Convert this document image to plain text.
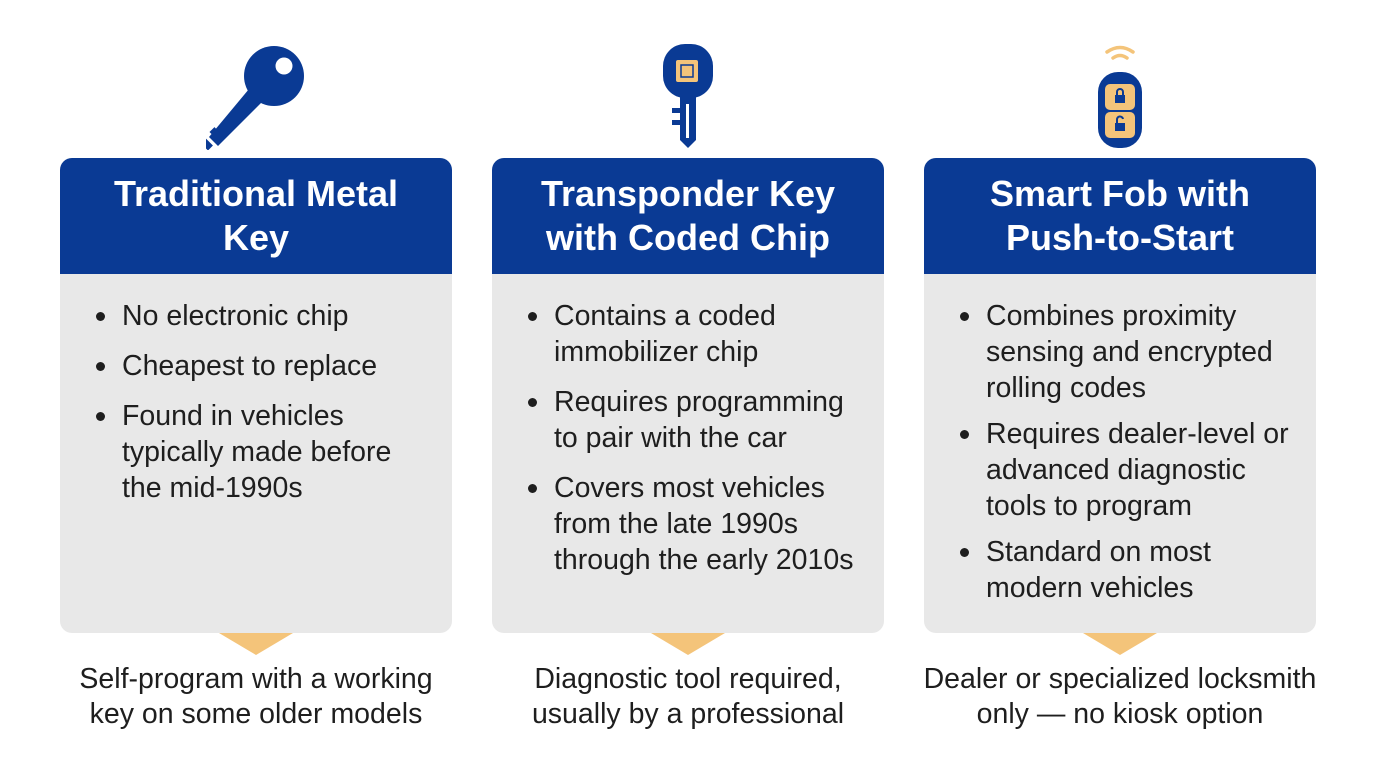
Traditional Metal Key
No electronic chip
Cheapest to replace
Found in vehicles typically made before the mid-1990s
Self-program with a working key on some older models
Transponder Key with Coded Chip
Contains a coded immobilizer chip
Requires programming to pair with the car
Covers most vehicles from the late 1990s through the early 2010s
Diagnostic tool required, usually by a professional
Smart Fob with Push-to-Start
Combines proximity sensing and encrypted rolling codes
Requires dealer-level or advanced diagnostic tools to program
Standard on most modern vehicles
Dealer or specialized locksmith only — no kiosk option
